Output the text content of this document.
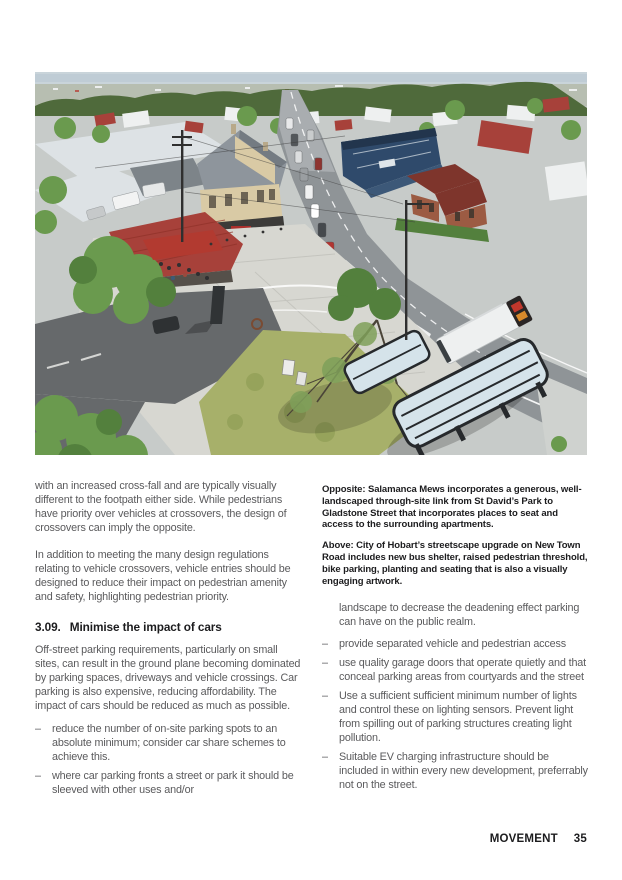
with an increased cross-fall and are typically visually different to the footpath either side. While pedestrians have priority over vehicles at crossovers, the design of crossovers can imply the opposite.

In addition to meeting the many design regulations relating to vehicle crossovers, vehicle entries should be designed to reduce their impact on pedestrian amenity and safety, highlighting pedestrian priority.

3.09. Minimise the impact of cars

Off-street parking requirements, particularly on small sites, can result in the ground plane becoming dominated by parking spaces, driveways and vehicle crossings. Car parking is also expensive, reducing affordability. The impact of cars should be reduced as much as possible.

–	reduce the number of on-site parking spots to an absolute minimum; consider car share schemes to achieve this.
–	where car parking fronts a street or park it should be sleeved with other uses and/or

Opposite: Salamanca Mews incorporates a generous, well-landscaped through-site link from St David’s Park to Gladstone Street that incorporates places to seat and access to the surrounding apartments.

Above: City of Hobart’s streetscape upgrade on New Town Road includes new bus shelter, raised pedestrian threshold, bike parking, planting and seating that is also a visually engaging artwork.

landscape to decrease the deadening effect parking can have on the public realm.

–	provide separated vehicle and pedestrian access
–	use quality garage doors that operate quietly and that conceal parking areas from courtyards and the street
–	Use a sufficient sufficient minimum number of lights and control these on lighting sensors. Prevent light from spilling out of parking structures creating light pollution.
–	Suitable EV charging infrastructure should be included in within every new development, preferrably not on the street.
MOVEMENT 35
